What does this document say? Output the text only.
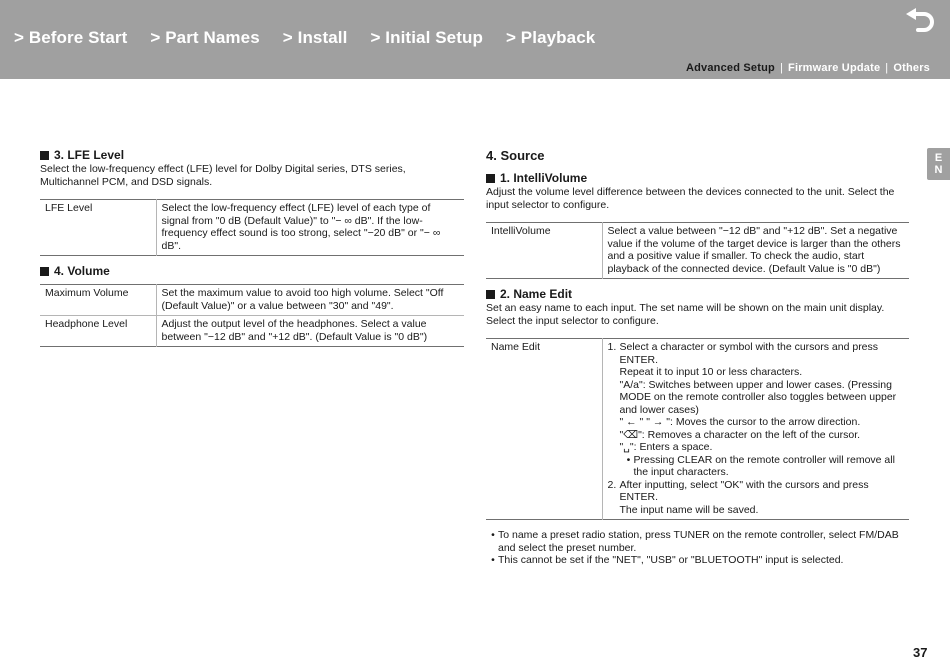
> Before Start > Part Names > Install > Initial Setup > Playback
Advanced Setup | Firmware Update | Others
E
N
3. LFE Level

Select the low-frequency effect (LFE) level for Dolby Digital series, DTS series, Multichannel PCM, and DSD signals.

LFE Level	Select the low-frequency effect (LFE) level of each type of signal from "0 dB (Default Value)" to "− ∞ dB". If the low-frequency effect sound is too strong, select "−20 dB" or "− ∞ dB".
4. Volume
Maximum Volume	Set the maximum value to avoid too high volume. Select "Off (Default Value)" or a value between "30" and "49".
Headphone Level	Adjust the output level of the headphones. Select a value between "−12 dB" and "+12 dB". (Default Value is "0 dB")
4. Source
1. IntelliVolume

Adjust the volume level difference between the devices connected to the unit. Select the input selector to configure.

IntelliVolume	Select a value between "−12 dB" and "+12 dB". Set a negative value if the volume of the target device is larger than the others and a positive value if smaller. To check the audio, start playback of the connected device. (Default Value is "0 dB")
2. Name Edit

Set an easy name to each input. The set name will be shown on the main unit display. Select the input selector to configure.

Name Edit	1. Select a character or symbol with the cursors and press ENTER.
Repeat it to input 10 or less characters.
"A/a": Switches between upper and lower cases. (Pressing MODE on the remote controller also toggles between upper and lower cases)
" ← " " → ": Moves the cursor to the arrow direction.
"⌫": Removes a character on the left of the cursor.
"␣": Enters a space.
• Pressing CLEAR on the remote controller will remove all the input characters.
2. After inputting, select "OK" with the cursors and press ENTER.
The input name will be saved.
• To name a preset radio station, press TUNER on the remote controller, select FM/DAB and select the preset number.
• This cannot be set if the "NET", "USB" or "BLUETOOTH" input is selected.
37
